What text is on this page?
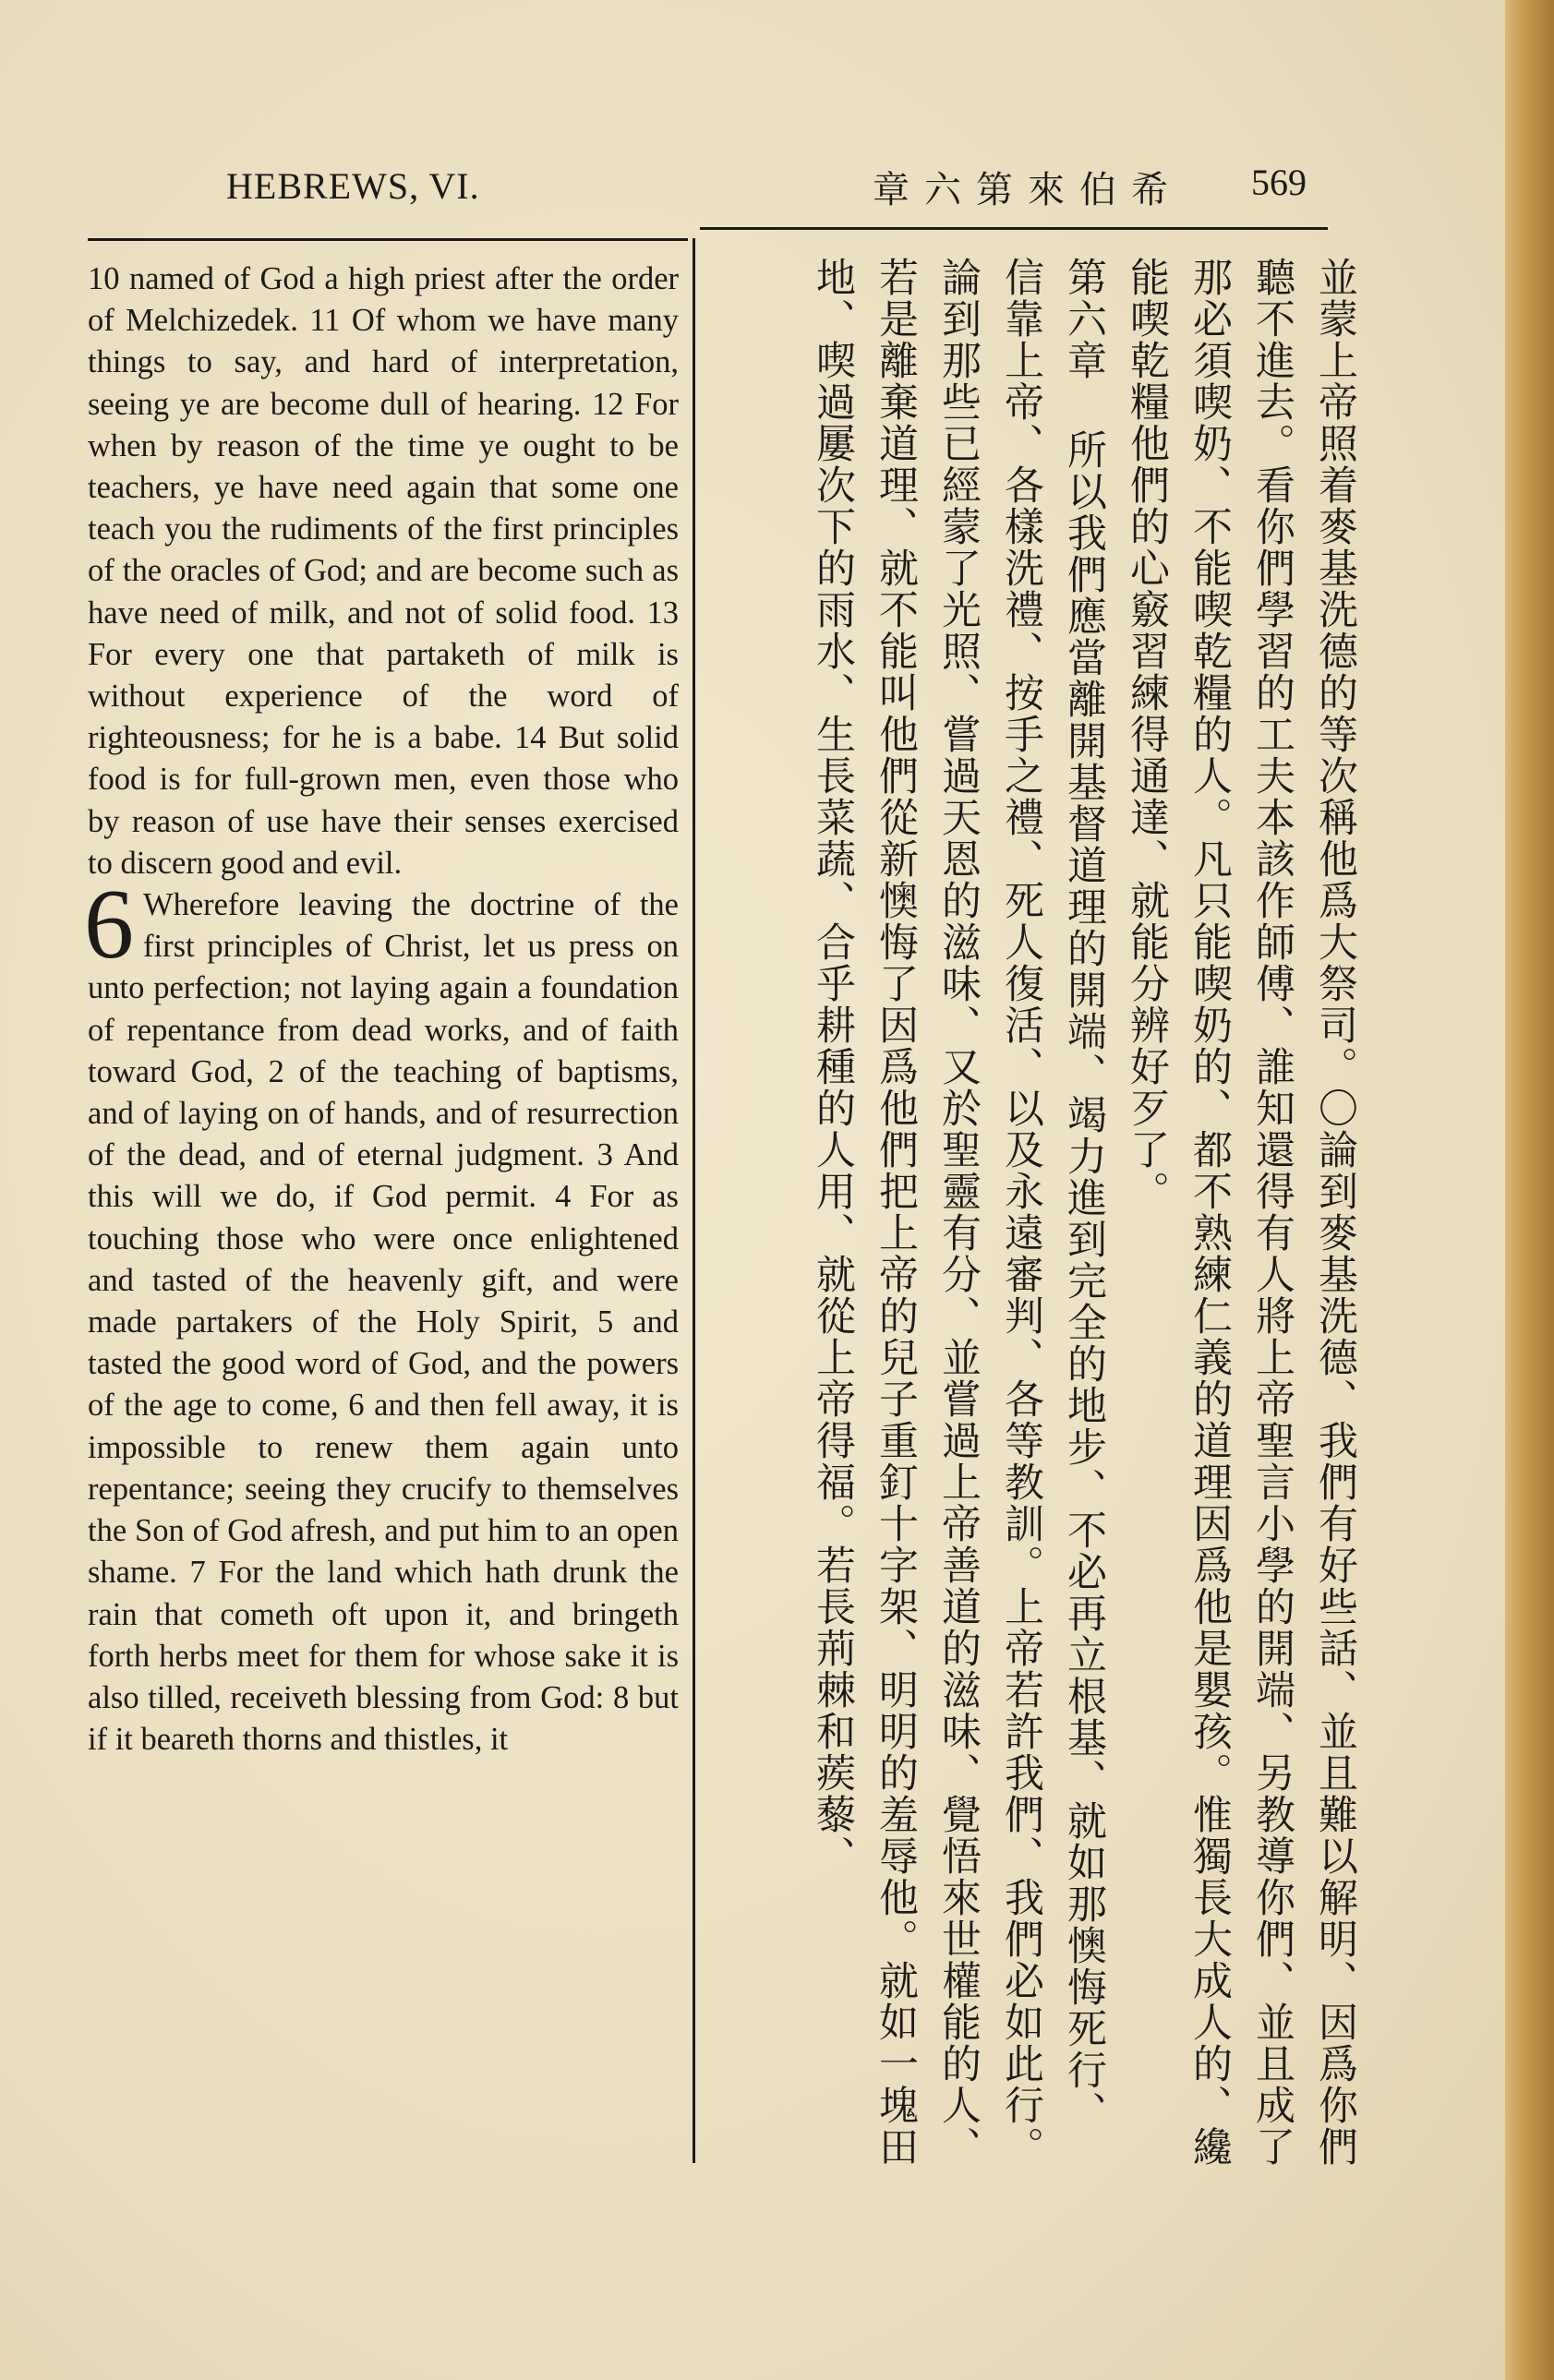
HEBREWS, VI.	章六第來伯希 569

10 named of God a high priest after the order of Melchizedek. 11 Of whom we have many things to say, and hard of interpretation, seeing ye are become dull of hearing. 12 For when by reason of the time ye ought to be teachers, ye have need again that some one teach you the rudiments of the first principles of the oracles of God; and are become such as have need of milk, and not of solid food. 13 For every one that partaketh of milk is without experience of the word of righteousness; for he is a babe. 14 But solid food is for full-grown men, even those who by reason of use have their senses exercised to discern good and evil.

6 Wherefore leaving the doctrine of the first principles of Christ, let us press on unto perfection; not laying again a foundation of repentance from dead works, and of faith toward God, 2 of the teaching of baptisms, and of laying on of hands, and of resurrection of the dead, and of eternal judgment. 3 And this will we do, if God permit. 4 For as touching those who were once enlightened and tasted of the heavenly gift, and were made partakers of the Holy Spirit, 5 and tasted the good word of God, and the powers of the age to come, 6 and then fell away, it is impossible to renew them again unto repentance; seeing they crucify to themselves the Son of God afresh, and put him to an open shame. 7 For the land which hath drunk the rain that cometh oft upon it, and bringeth forth herbs meet for them for whose sake it is also tilled, receiveth blessing from God: 8 but if it beareth thorns and thistles, it	並蒙上帝照着麥基洗德的等次稱他爲大祭司。〇論到麥基洗德、我們有好些話、並且難以解明、因爲你們聽不進去。看你們學習的工夫本該作師傅、誰知還得有人將上帝聖言小學的開端、另教導你們、並且成了那必須喫奶、不能喫乾糧的人。凡只能喫奶的、都不熟練仁義的道理因爲他是嬰孩。惟獨長大成人的、纔能喫乾糧他們的心竅習練得通達、就能分辨好歹了。

第六章 所以我們應當離開基督道理的開端、竭力進到完全的地步、不必再立根基、就如那懊悔死行、信靠上帝、各樣洗禮、按手之禮、死人復活、以及永遠審判、各等教訓。上帝若許我們、我們必如此行。論到那些已經蒙了光照、嘗過天恩的滋味、又於聖靈有分、並嘗過上帝善道的滋味、覺悟來世權能的人、若是離棄道理、就不能叫他們從新懊悔了因爲他們把上帝的兒子重釘十字架、明明的羞辱他。就如一塊田地、喫過屢次下的雨水、生長菜蔬、合乎耕種的人用、就從上帝得福。若長荊棘和蒺藜、
